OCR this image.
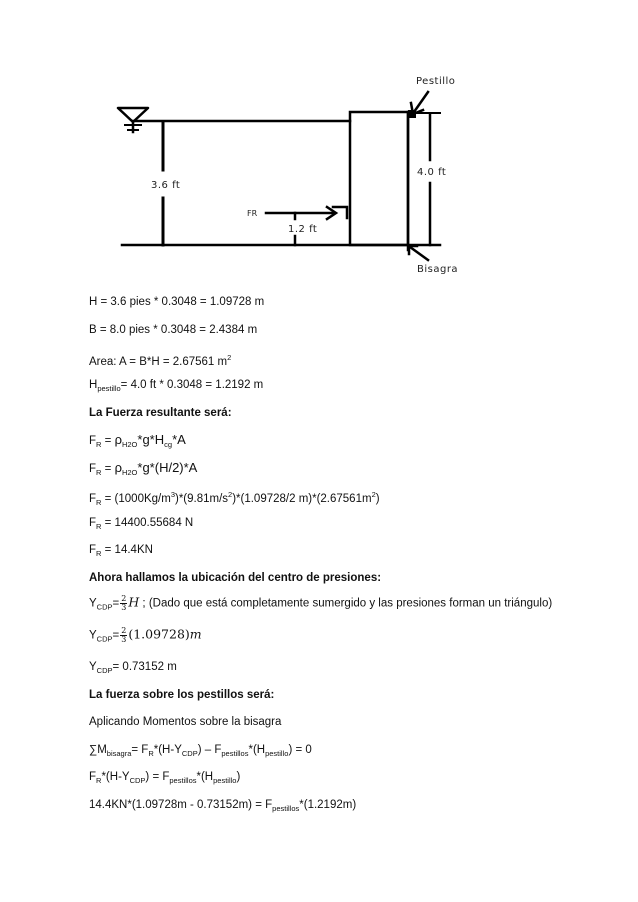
Pestillo
Bisagra
3.6 ft
4.0 ft
1.2 ft
FR
H = 3.6 pies * 0.3048 = 1.09728 m
B = 8.0 pies * 0.3048 = 2.4384 m
Area: A = B*H = 2.67561 $m^2$
$H_{pestillo}= 4.0$ ft * 0.3048 = 1.2192 m
La Fuerza resultante será:
$F_R = \rho_{H2O}*g*H_{cg}*A$
$F_R = \rho_{H2O}*g*(H/2)*A$
$F_R = (1000Kg/m^3)*(9.81m/s^2)*(1.09728/2$ $m)*(2.67561m^2)$
$F_R = 14400.55684$ N
$F_R = 14.4KN$
Ahora hallamos la ubicación del centro de presiones:
$Y_{CDP}= \frac{2}{3}$ H ; (Dado que está completamente sumergido y las presiones forman un triángulo)
$Y_{CDP}= \frac{2}{3} (1.09728)m$
$Y_{CDP}= 0.73152$ m
La fuerza sobre los pestillos será:
Aplicando Momentos sobre la bisagra
$\sum M_{bisagra}= F_R*(H-Y_{CDP}) - F_{pestillos}*(H_{pestillo}) = 0$
$F_R*(H-Y_{CDP}) = F_{pestillos}*(H_{pestillo})$
$14.4KN*(1.09728m - 0.73152m) = F_{pestillos}*(1.2192m)$
